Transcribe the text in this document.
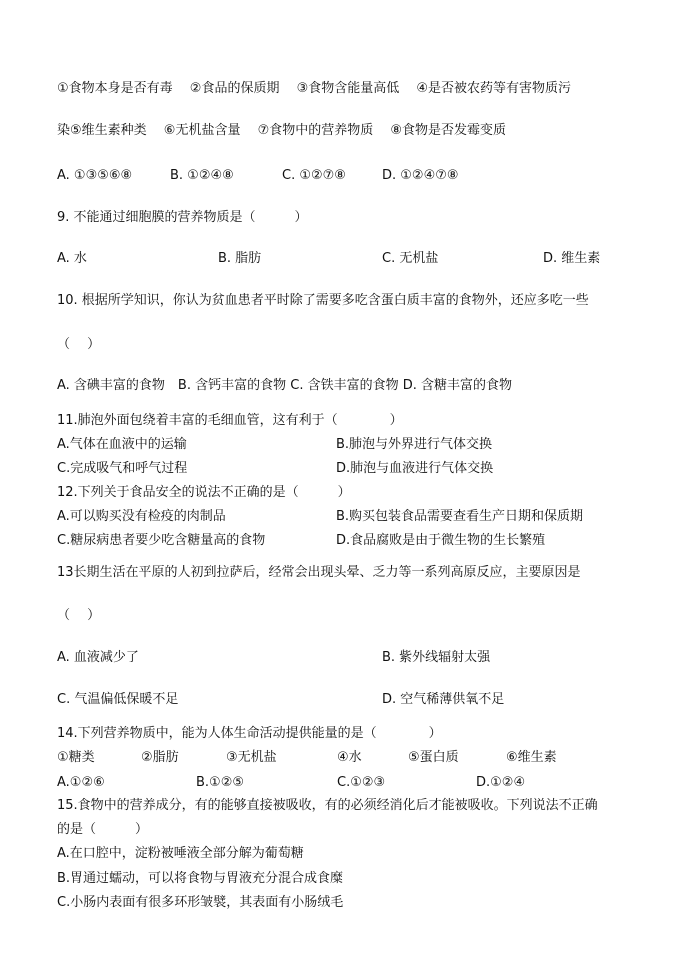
①食物本身是否有毒　 ②食品的保质期　 ③食物含能量高低　 ④是否被农药等有害物质污
染⑤维生素种类　 ⑥无机盐含量　 ⑦食物中的营养物质　 ⑧食物是否发霉变质
A. ①③⑤⑥⑧	B. ①②④⑧	C. ①②⑦⑧	D. ①②④⑦⑧
9. 不能通过细胞膜的营养物质是（　　　）
A. 水	B. 脂肪	C. 无机盐	D. 维生素
10. 根据所学知识，你认为贫血患者平时除了需要多吃含蛋白质丰富的食物外，还应多吃一些
（　 ）
A. 含碘丰富的食物　B. 含钙丰富的食物 C. 含铁丰富的食物 D. 含糖丰富的食物
11.肺泡外面包绕着丰富的毛细血管，这有利于（　　　　）
A.气体在血液中的运输	B.肺泡与外界进行气体交换
C.完成吸气和呼气过程	D.肺泡与血液进行气体交换
12.下列关于食品安全的说法不正确的是（　　　）
A.可以购买没有检疫的肉制品	B.购买包装食品需要查看生产日期和保质期
C.糖尿病患者要少吃含糖量高的食物	D.食品腐败是由于微生物的生长繁殖
13长期生活在平原的人初到拉萨后，经常会出现头晕、乏力等一系列高原反应，主要原因是
（　 ）
A. 血液减少了	B. 紫外线辐射太强
C. 气温偏低保暖不足	D. 空气稀薄供氧不足
14.下列营养物质中，能为人体生命活动提供能量的是（　　　　）
①糖类	②脂肪	③无机盐	④水	⑤蛋白质	⑥维生素
A.①②⑥	B.①②⑤	C.①②③	D.①②④
15.食物中的营养成分，有的能够直接被吸收，有的必须经消化后才能被吸收。下列说法不正确
的是（　　　）
A.在口腔中，淀粉被唾液全部分解为葡萄糖
B.胃通过蠕动，可以将食物与胃液充分混合成食糜
C.小肠内表面有很多环形皱襞，其表面有小肠绒毛
